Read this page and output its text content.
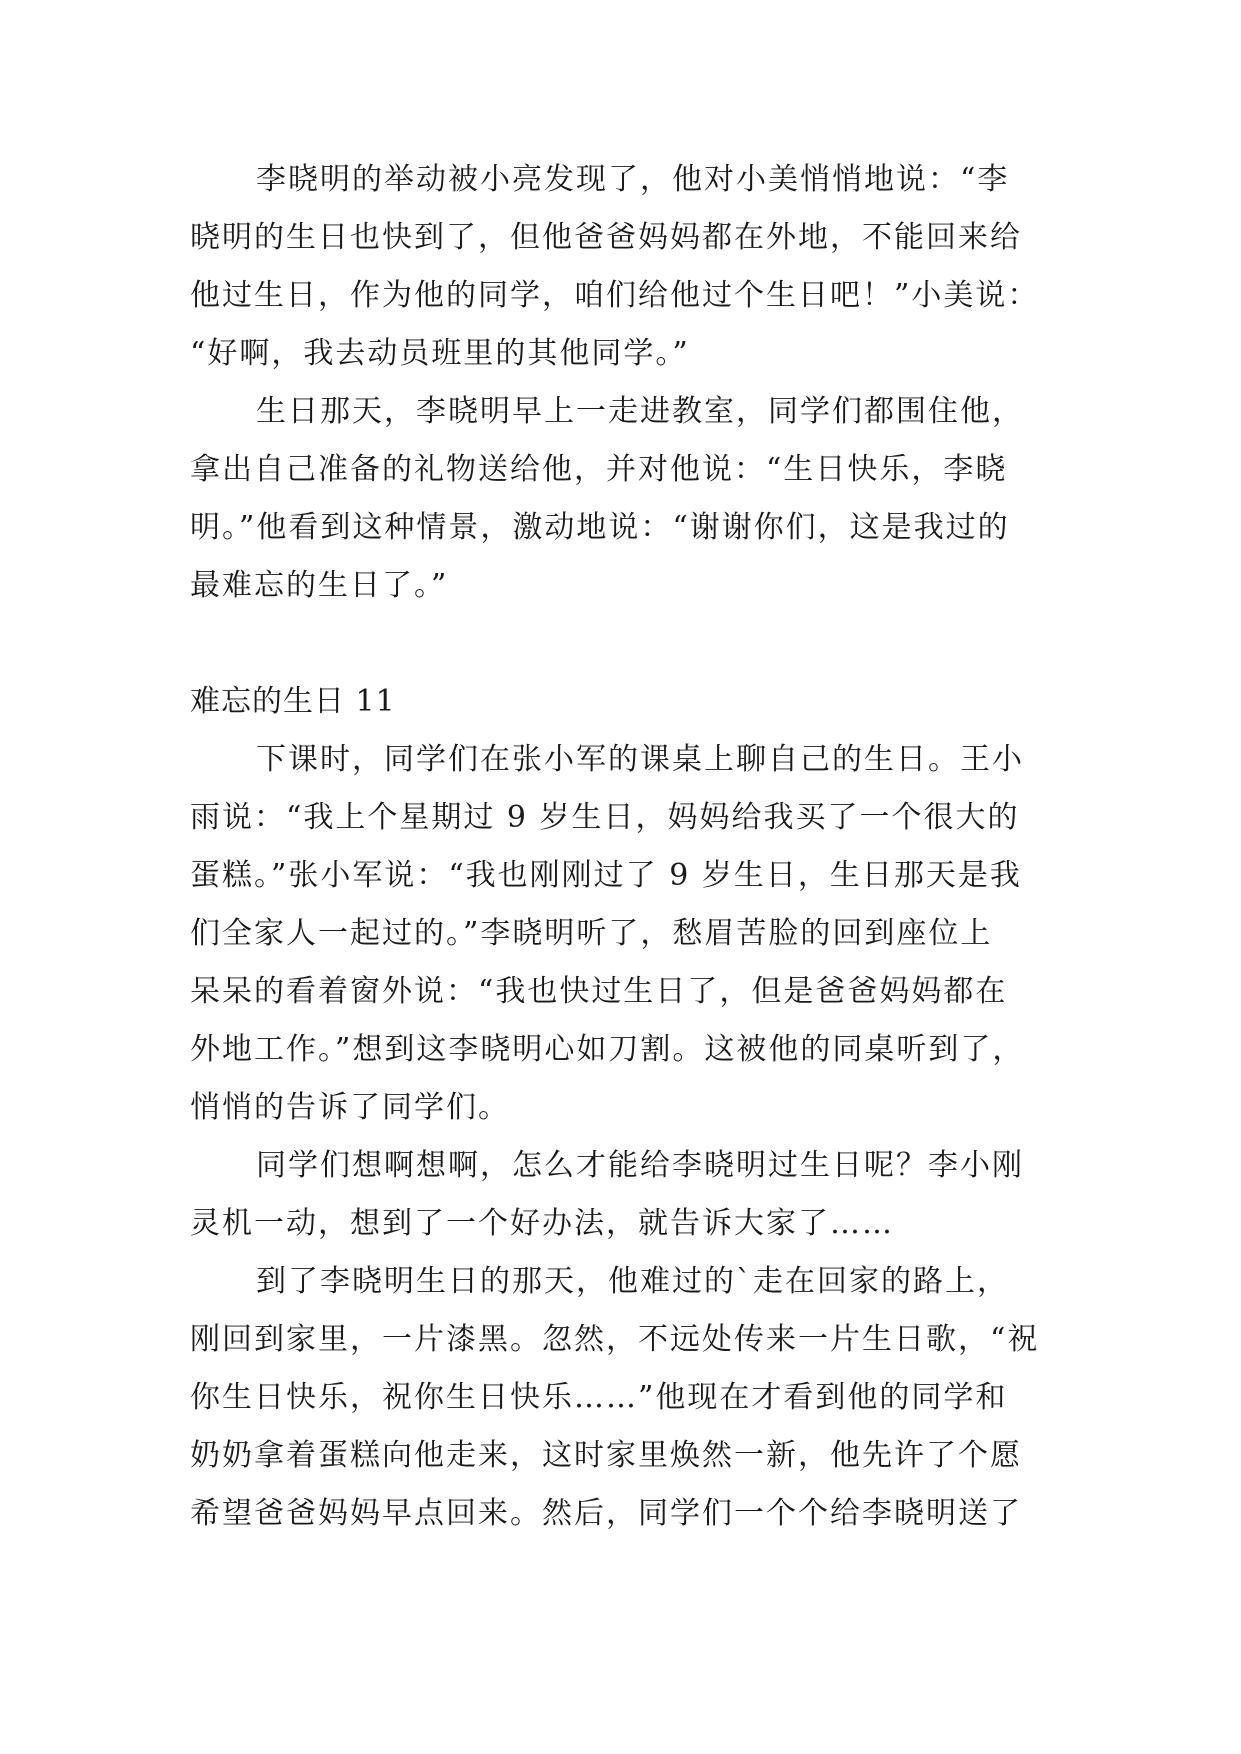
李晓明的举动被小亮发现了，他对小美悄悄地说：“李
晓明的生日也快到了，但他爸爸妈妈都在外地，不能回来给
他过生日，作为他的同学，咱们给他过个生日吧！”小美说：
“好啊，我去动员班里的其他同学。”
生日那天，李晓明早上一走进教室，同学们都围住他，
拿出自己准备的礼物送给他，并对他说：“生日快乐，李晓
明。”他看到这种情景，激动地说：“谢谢你们，这是我过的
最难忘的生日了。”
难忘的生日 11
下课时，同学们在张小军的课桌上聊自己的生日。王小
雨说：“我上个星期过 9 岁生日，妈妈给我买了一个很大的
蛋糕。”张小军说：“我也刚刚过了 9 岁生日，生日那天是我
们全家人一起过的。”李晓明听了，愁眉苦脸的回到座位上
呆呆的看着窗外说：“我也快过生日了，但是爸爸妈妈都在
外地工作。”想到这李晓明心如刀割。这被他的同桌听到了，
悄悄的告诉了同学们。
同学们想啊想啊，怎么才能给李晓明过生日呢？李小刚
灵机一动，想到了一个好办法，就告诉大家了……
到了李晓明生日的那天，他难过的`走在回家的路上，
刚回到家里，一片漆黑。忽然，不远处传来一片生日歌，“祝
你生日快乐，祝你生日快乐……”他现在才看到他的同学和
奶奶拿着蛋糕向他走来，这时家里焕然一新，他先许了个愿
希望爸爸妈妈早点回来。然后，同学们一个个给李晓明送了
